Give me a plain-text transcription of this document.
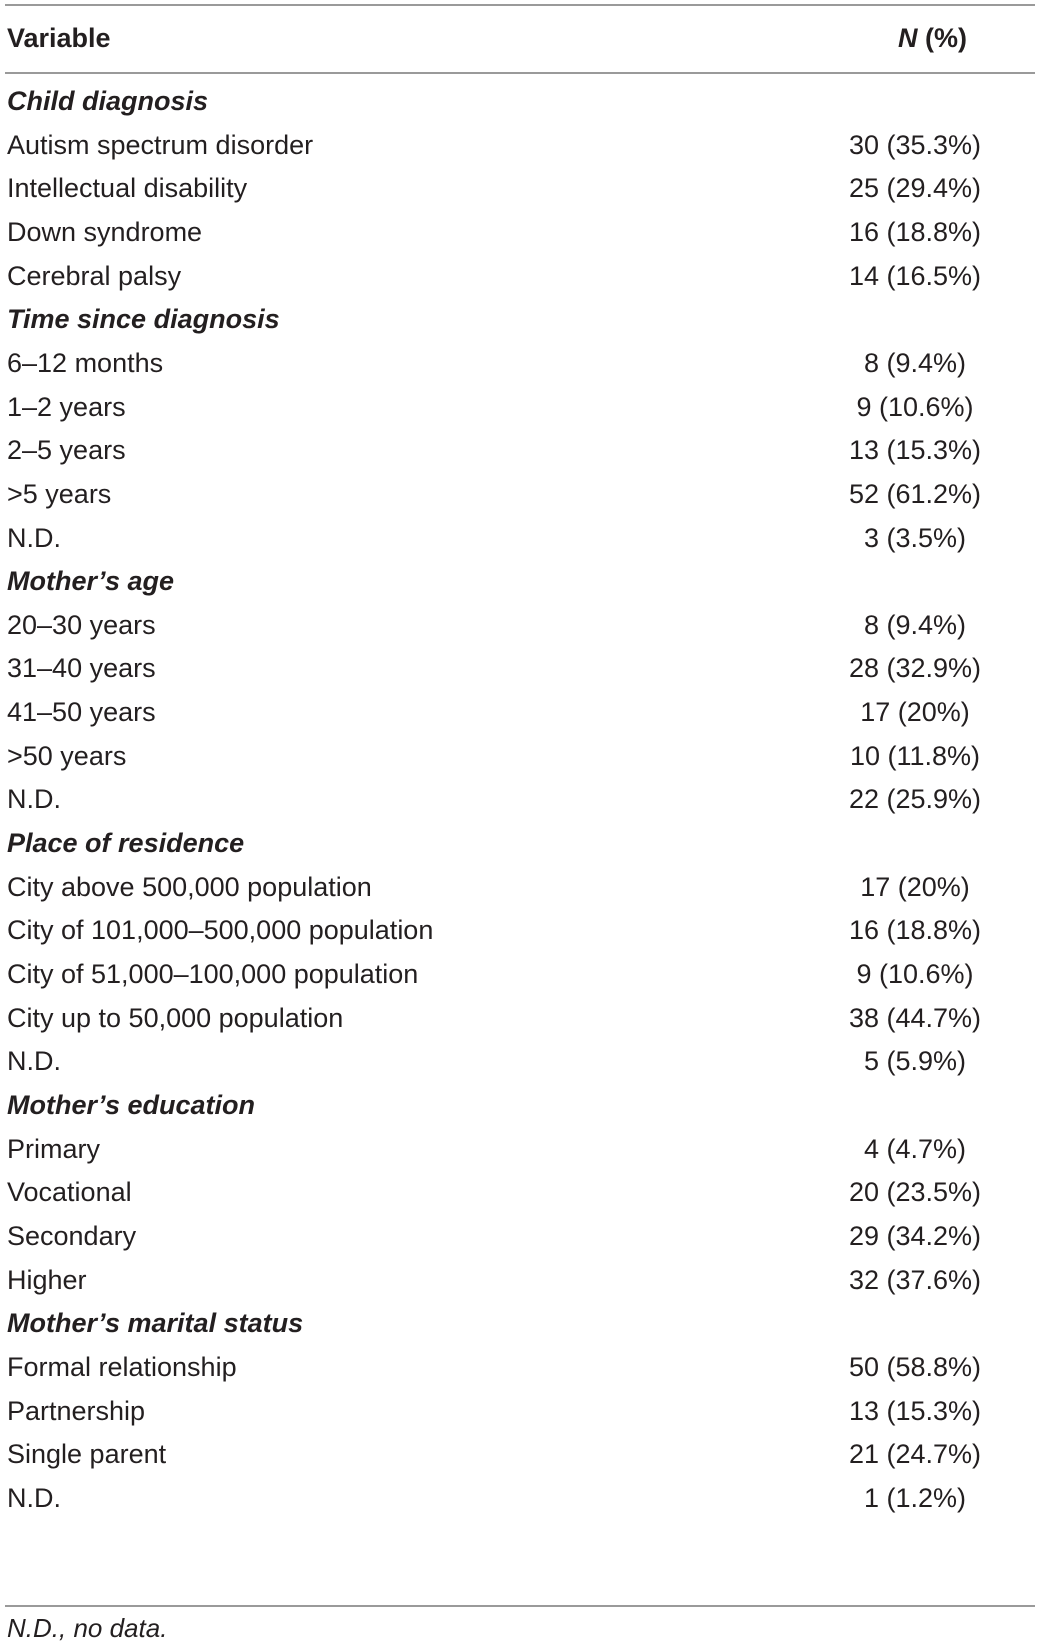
Variable	N (%)
Child diagnosis
Autism spectrum disorder	30 (35.3%)
Intellectual disability	25 (29.4%)
Down syndrome	16 (18.8%)
Cerebral palsy	14 (16.5%)
Time since diagnosis
6–12 months	8 (9.4%)
1–2 years	9 (10.6%)
2–5 years	13 (15.3%)
>5 years	52 (61.2%)
N.D.	3 (3.5%)
Mother’s age
20–30 years	8 (9.4%)
31–40 years	28 (32.9%)
41–50 years	17 (20%)
>50 years	10 (11.8%)
N.D.	22 (25.9%)
Place of residence
City above 500,000 population	17 (20%)
City of 101,000–500,000 population	16 (18.8%)
City of 51,000–100,000 population	9 (10.6%)
City up to 50,000 population	38 (44.7%)
N.D.	5 (5.9%)
Mother’s education
Primary	4 (4.7%)
Vocational	20 (23.5%)
Secondary	29 (34.2%)
Higher	32 (37.6%)
Mother’s marital status
Formal relationship	50 (58.8%)
Partnership	13 (15.3%)
Single parent	21 (24.7%)
N.D.	1 (1.2%)
N.D., no data.
